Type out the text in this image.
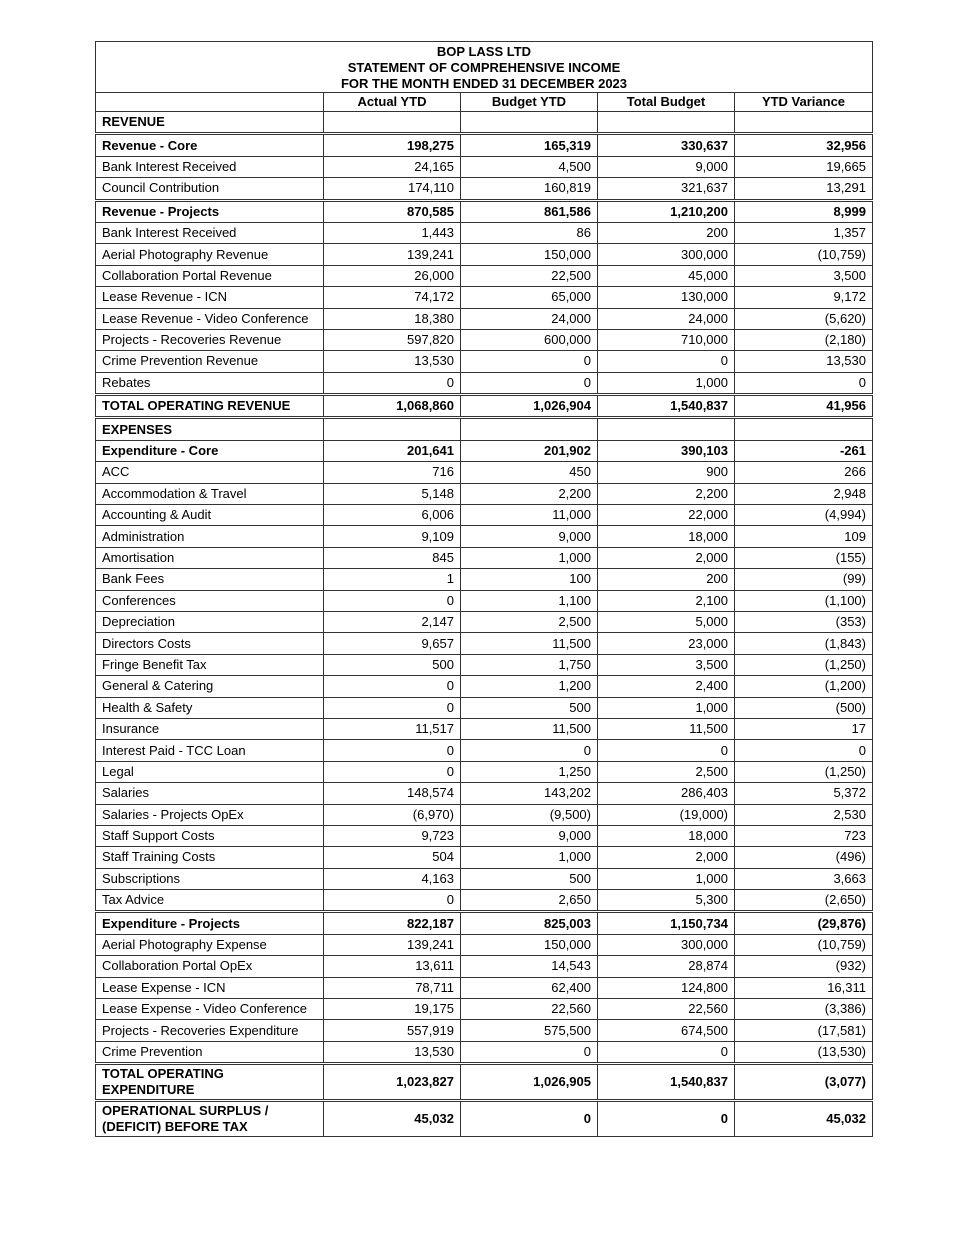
BOP LASS LTD
STATEMENT OF COMPREHENSIVE INCOME
FOR THE MONTH ENDED 31 DECEMBER 2023				

	Actual YTD	Budget YTD	Total Budget	YTD Variance
REVENUE				
Revenue - Core	198,275	165,319	330,637	32,956
Bank Interest Received	24,165	4,500	9,000	19,665
Council Contribution	174,110	160,819	321,637	13,291
Revenue - Projects	870,585	861,586	1,210,200	8,999
Bank Interest Received	1,443	86	200	1,357
Aerial Photography Revenue	139,241	150,000	300,000	(10,759)
Collaboration Portal Revenue	26,000	22,500	45,000	3,500
Lease Revenue - ICN	74,172	65,000	130,000	9,172
Lease Revenue - Video Conference	18,380	24,000	24,000	(5,620)
Projects - Recoveries Revenue	597,820	600,000	710,000	(2,180)
Crime Prevention Revenue	13,530	0	0	13,530
Rebates	0	0	1,000	0
TOTAL OPERATING REVENUE	1,068,860	1,026,904	1,540,837	41,956
EXPENSES				
Expenditure - Core	201,641	201,902	390,103	-261
ACC	716	450	900	266
Accommodation & Travel	5,148	2,200	2,200	2,948
Accounting & Audit	6,006	11,000	22,000	(4,994)
Administration	9,109	9,000	18,000	109
Amortisation	845	1,000	2,000	(155)
Bank Fees	1	100	200	(99)
Conferences	0	1,100	2,100	(1,100)
Depreciation	2,147	2,500	5,000	(353)
Directors Costs	9,657	11,500	23,000	(1,843)
Fringe Benefit Tax	500	1,750	3,500	(1,250)
General & Catering	0	1,200	2,400	(1,200)
Health & Safety	0	500	1,000	(500)
Insurance	11,517	11,500	11,500	17
Interest Paid - TCC Loan	0	0	0	0
Legal	0	1,250	2,500	(1,250)
Salaries	148,574	143,202	286,403	5,372
Salaries - Projects OpEx	(6,970)	(9,500)	(19,000)	2,530
Staff Support Costs	9,723	9,000	18,000	723
Staff Training Costs	504	1,000	2,000	(496)
Subscriptions	4,163	500	1,000	3,663
Tax Advice	0	2,650	5,300	(2,650)
Expenditure - Projects	822,187	825,003	1,150,734	(29,876)
Aerial Photography Expense	139,241	150,000	300,000	(10,759)
Collaboration Portal OpEx	13,611	14,543	28,874	(932)
Lease Expense - ICN	78,711	62,400	124,800	16,311
Lease Expense - Video Conference	19,175	22,560	22,560	(3,386)
Projects - Recoveries Expenditure	557,919	575,500	674,500	(17,581)
Crime Prevention	13,530	0	0	(13,530)
TOTAL OPERATING EXPENDITURE	1,023,827	1,026,905	1,540,837	(3,077)
OPERATIONAL SURPLUS / (DEFICIT) BEFORE TAX	45,032	0	0	45,032
